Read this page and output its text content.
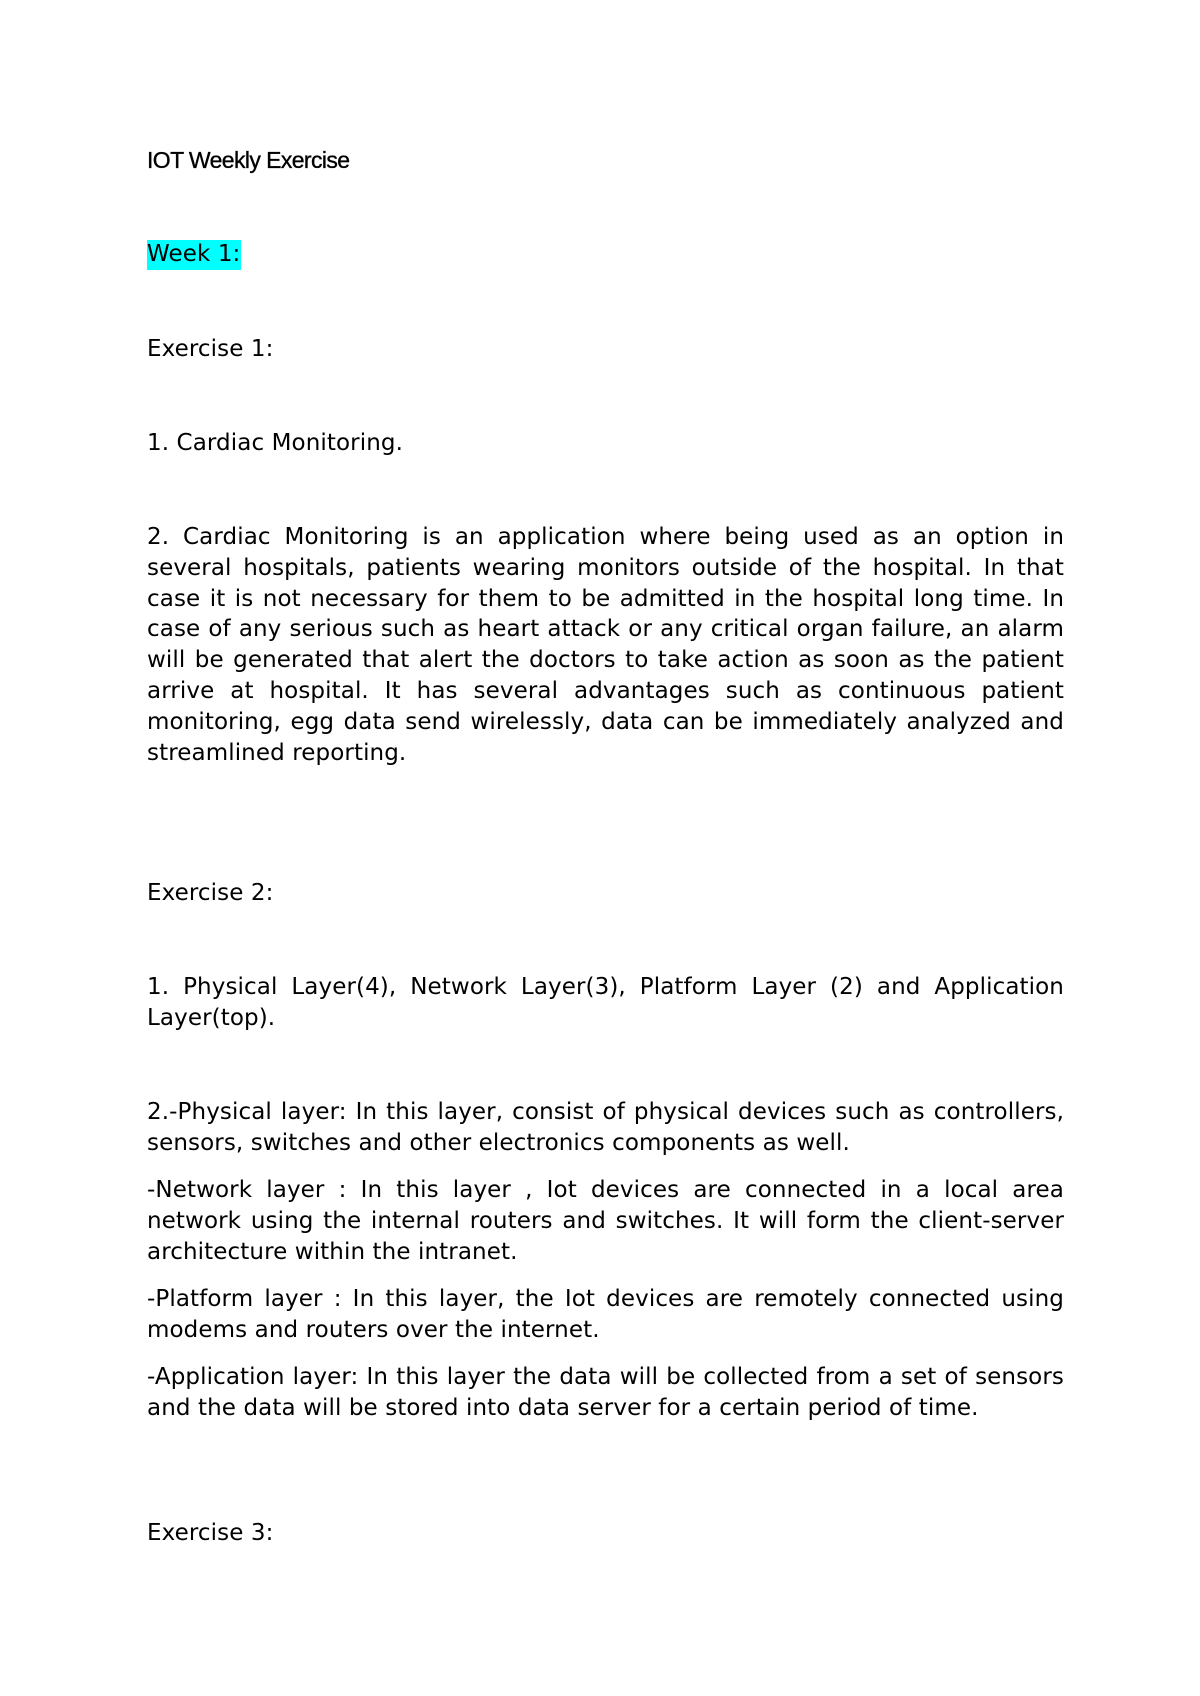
IOT Weekly Exercise

Week 1:

Exercise 1:

1. Cardiac Monitoring.

2. Cardiac Monitoring is an application where being used as an option in several hospitals, patients wearing monitors outside of the hospital. In that case it is not necessary for them to be admitted in the hospital long time. In case of any serious such as heart attack or any critical organ failure, an alarm will be generated that alert the doctors to take action as soon as the patient arrive at hospital. It has several advantages such as continuous patient monitoring, egg data send wirelessly, data can be immediately analyzed and streamlined reporting.

Exercise 2:

1. Physical Layer(4), Network Layer(3), Platform Layer (2) and Application Layer(top).

2.-Physical layer: In this layer, consist of physical devices such as controllers, sensors, switches and other electronics components as well.

-Network layer : In this layer , Iot devices are connected in a local area network using the internal routers and switches. It will form the client-server architecture within the intranet.

-Platform layer : In this layer, the Iot devices are remotely connected using modems and routers over the internet.

-Application layer: In this layer the data will be collected from a set of sensors and the data will be stored into data server for a certain period of time.

Exercise 3:
